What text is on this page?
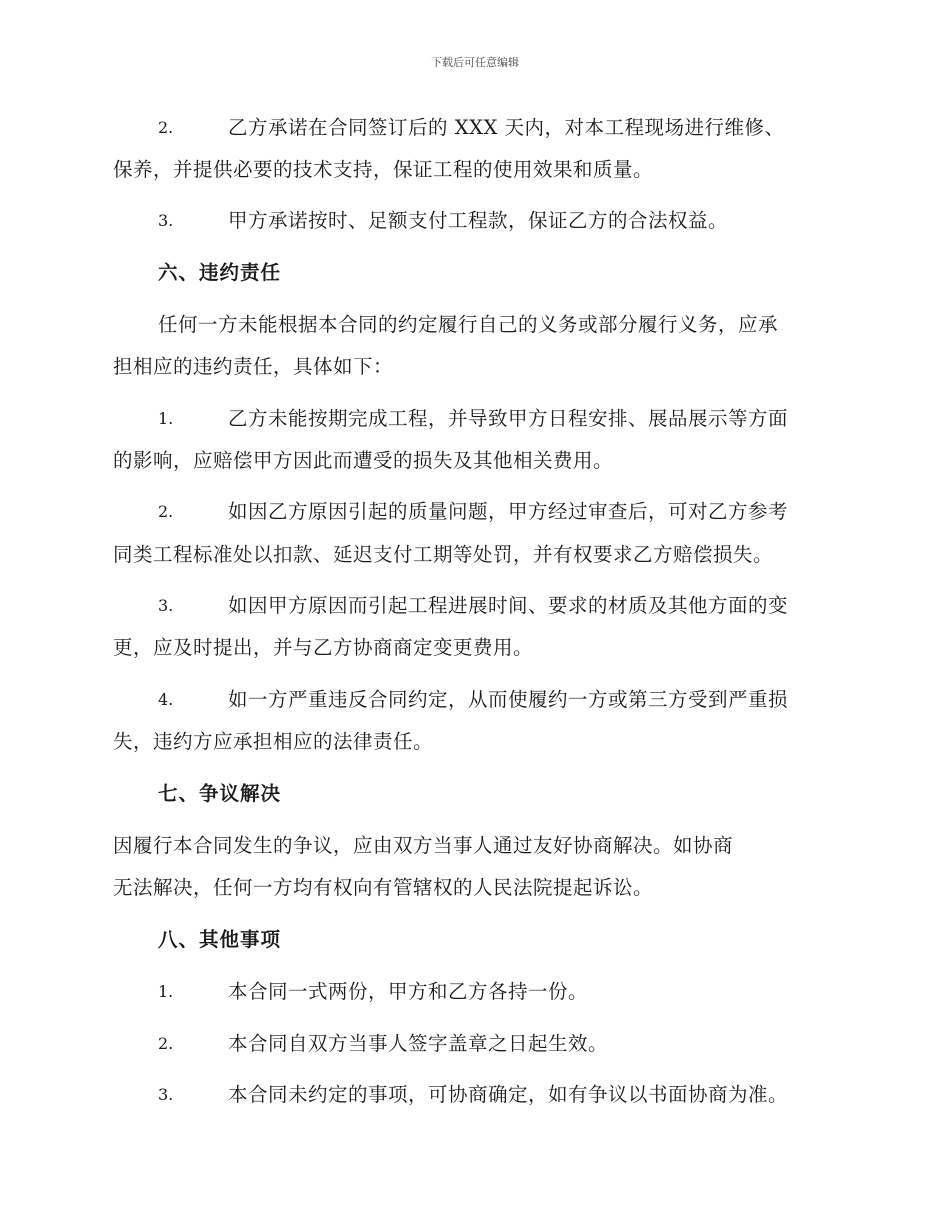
下载后可任意编辑
2.	乙方承诺在合同签订后的 XXX 天内，对本工程现场进行维修、
保养，并提供必要的技术支持，保证工程的使用效果和质量。
3.	甲方承诺按时、足额支付工程款，保证乙方的合法权益。
六、违约责任
任何一方未能根据本合同的约定履行自己的义务或部分履行义务，应承
担相应的违约责任，具体如下：
1.	乙方未能按期完成工程，并导致甲方日程安排、展品展示等方面
的影响，应赔偿甲方因此而遭受的损失及其他相关费用。
2.	如因乙方原因引起的质量问题，甲方经过审查后，可对乙方参考
同类工程标准处以扣款、延迟支付工期等处罚，并有权要求乙方赔偿损失。
3.	如因甲方原因而引起工程进展时间、要求的材质及其他方面的变
更，应及时提出，并与乙方协商商定变更费用。
4.	如一方严重违反合同约定，从而使履约一方或第三方受到严重损
失，违约方应承担相应的法律责任。
七、争议解决
因履行本合同发生的争议，应由双方当事人通过友好协商解决。如协商
无法解决，任何一方均有权向有管辖权的人民法院提起诉讼。
八、其他事项
1.	本合同一式两份，甲方和乙方各持一份。
2.	本合同自双方当事人签字盖章之日起生效。
3.	本合同未约定的事项，可协商确定，如有争议以书面协商为准。
